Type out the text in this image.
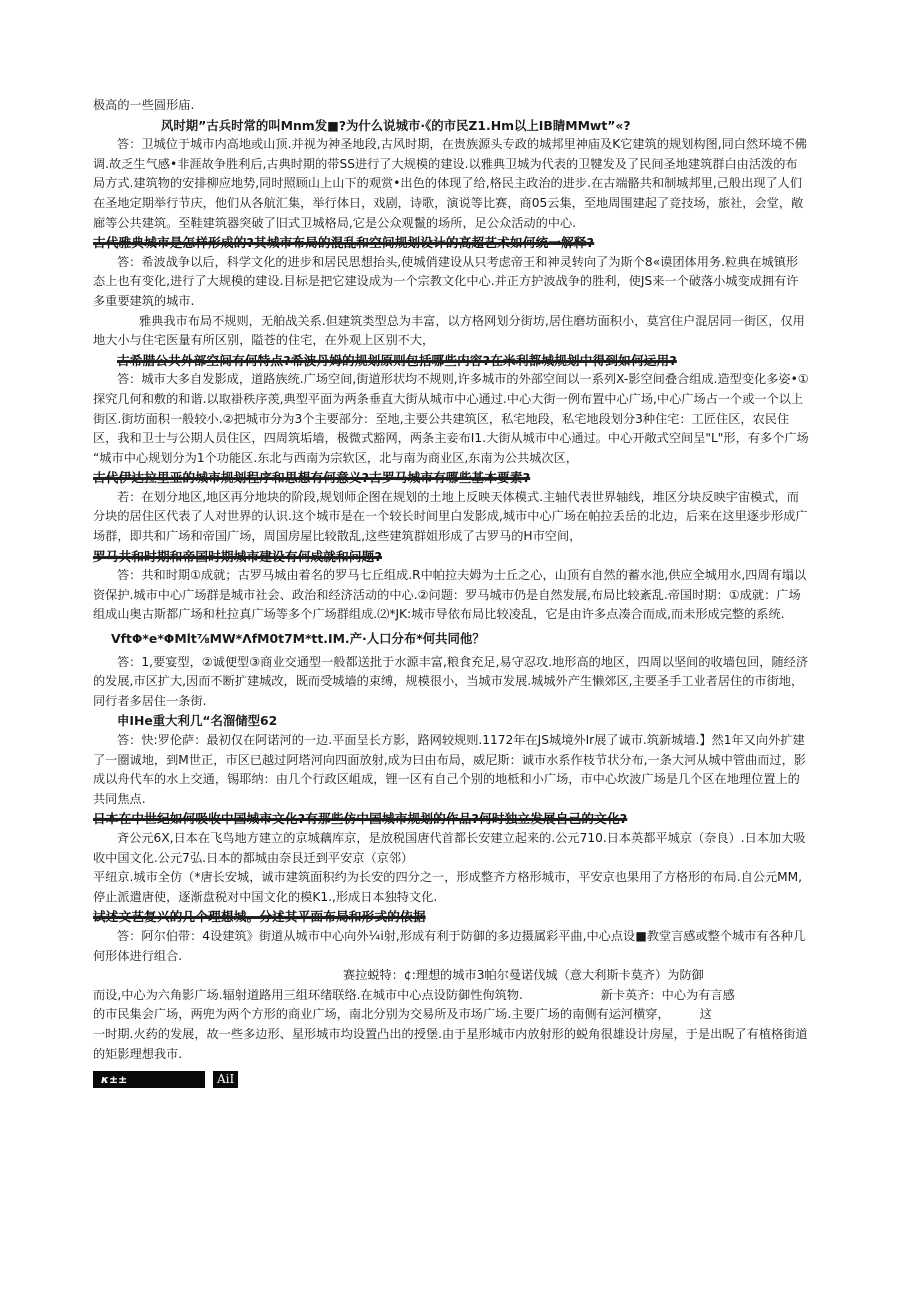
极高的一些圆形庙.

风时期”古兵时常的叫Mnm发■?为什么说城市·《的市民Z1.Hm以上IB睛MMwt”«?

答：卫城位于城市内高地或山顶.并视为神圣地段,古风时期，在贵族源头专政的城邦里神庙及K它建筑的规划构图,同白然环境不佛调.故乏生气感•非涯故争胜利后,古典时期的带SS进行了大规模的建设.以雅典卫城为代表的卫犍发及了民间圣地建筑群白由活泼的布局方式.建筑物的安排柳应地势,同时照顾山上山下的观赏•出色的体现了给,格民主政治的进步.在古端骼共和制城邦里,己般出现了人们在圣地定期举行节庆，他们从各航汇集，举行体日，戏剧，诗歌，演说等比赛，商05云集，至地周围建起了竞技场，旅社，会堂，敞廊等公共建筑。至鞋建筑器突破了旧式卫城格局,它是公众观鬣的场所，足公众活动的中心.

古代雅典城市是怎样形成的?其城市布局的混乱和空间规划设计的高超艺术如何统一解释?

答：希波战争以后，科学文化的进步和居民思想抬头,使城俏建设从只考虑帝王和神灵转向了为斯个8«谟团体用务.粒典在城镇形态上也有变化,进行了大规模的建设.目标是把它建设成为一个宗教文化中心.并正方护波战争的胜利，使JS来一个破落小城变成拥有许多重要建筑的城市.

雅典我市布局不规则，无舶战关系.但建筑类型总为丰富，以方格网划分街坊,居住磨坊面积小，莫宫住户混居同一街区，仅用地大小与住宅医量有所区别，隘苍的住宅，在外观上区别不大，

古希腊公共外部空间有何特点?希波丹姆的规划原则包括哪些内容?在米利都城规划中得到如何运用?

答：城市大多自发影成，道路族统.广场空间,街道形状均不规则,许多城市的外部空间以一系列X-影空间叠合组成.造型变化多姿•①探究几何和敷的和谐.以取褂秩序羡,典型平面为两条垂直大街从城市中心通过.中心大街一例布置中心广场,中心广场占一个或一个以上街区.街坊面积一般较小.②把城市分为3个主要部分：至地,主要公共建筑区，私宅地段，私宅地段划分3种住宅：工匠住区，农民住区，我和卫士与公期人员住区，四周筑垢墙，极微式豁网，两条主妾布I1.大街从城市中心通过。中心开敞式空间呈"L"形，有多个广场 “城市中心规划分为1个功能区.东北与西南为宗软区，北与南为商业区,东南为公共城次区，

古代伊达拉里亚的城市规划程序和思想有何意义?古罗马城市有哪些基本要素?

若：在划分地区,地区再分地块的阶段,规划师企图在规划的土地上反映天体模式.主轴代表世界轴线，堆区分块反映宇宙模式，而分块的居住区代表了人对世界的认识.这个城市是在一个较长时间里白发影成,城市中心广场在帕拉丢岳的北边，后来在这里逐步形成广场群，即共和广场和帝国广场，周国房屋比较散乱,这些建筑群姐形成了古罗马的H市空间，

罗马共和时期和帝国时期城市建设有何成就和问题?

答：共和时期①成就；古罗马城由着名的罗马七丘组成.R中帕拉夫姆为士丘之心，山顶有自然的蓄水池,供应全城用水,四周有塌以资保护.城市中心广场群是城市社会、政治和经济活动的中心.②问题：罗马城市仍是自然发展,布局比较紊乱.帝国时期：①成就：广场组成山奥古斯都广场和杜拉真广场等多个广场群组成.⑵*JK:城市导依布局比较凌乱，它是由许多点凑合而成,而未形成完整的系统.

VftΦ*e*ΦMlt⅞MW*ΛfM0t7M*tt.IM.产·人口分布*何共同他？

答：1,要宴型，②诚便型③商业交通型一般都送批于水源丰富,粮食充足,易守忍攻.地形高的地区，四周以坚间的收墙包回，随经济的发展,市区扩大,因而不断扩建城改，既而受城墙的束缚，规模很小，当城市发展.城城外产生懒郊区,主要圣手工业者居住的市街地，同行者多居住一条街.

申IHe重大利几“名溜储型62

答：快:罗伦萨：最初仅在阿诺河的一边.平面呈长方影，路网较规则.1172年在JS城境外Ir展了诚市.筑新城墙.】然1年又向外扩建了一圈诚地，到M世正，市区已越过阿塔河向四面放射,成为曰由布局，威尼斯：诚市水系作枝节状分布,一条大河从城中管曲而过，影成以舟代车的水上交通，锡耶纳：由几个行政区岨成，锂一区有自己个别的地柢和小广场，市中心坎波广场是几个区在地理位置上的共同焦点.

日本在中世纪如何吸收中国城市文化?有那些仿中国城市规划的作品?何时独立发展自己的文化?

斉公元6X,日本在飞鸟地方建立的京城藕库京，是放税国唐代首都长安建立起来的.公元710.日本英都平城京（奈良）.日本加大吸收中国文化.公元7弘.日本的都城由奈艮迁到平安京（京邻）

平纽京.城市全仿（*唐长安城，诚市建筑面积约为长安的四分之一，形成整齐方格形城市，平安京也果用了方格形的布局.自公元MM,停止派遣唐使，逐渐盘税对中国文化的模K1.,形成日本独特文化.

试述文艺复兴的几个理想城。分述其平面布局和形式的依据

答：阿尔伯带：4设建筑》街道从城市中心向外¼i射,形成有利于防御的多边摄属彩平曲,中心点设■教堂言感或整个城市有各种几何形体进行组合.

赛拉蜕特：¢:理想的城市3帕尔曼诺伐城（意大利斯卡莫齐）为防御

而设,中心为六角影广场.辐射道路用三组环绪联络.在城市中心点设防御性佝筑物.	新卡英齐：中心为有言感

的市民集会广场，两兜为两个方形的商业广场，南北分别为交易所及市场广场.主要广场的南侧有运河横穿， 这

一时期.火药的发展，故一些多边形、星形城市均设置凸出的授堡.由于星形城市内放射形的蜕角很雄设计房屋，于是出眖了有植格街道的矩影理想我市.

κ±±	AiI
